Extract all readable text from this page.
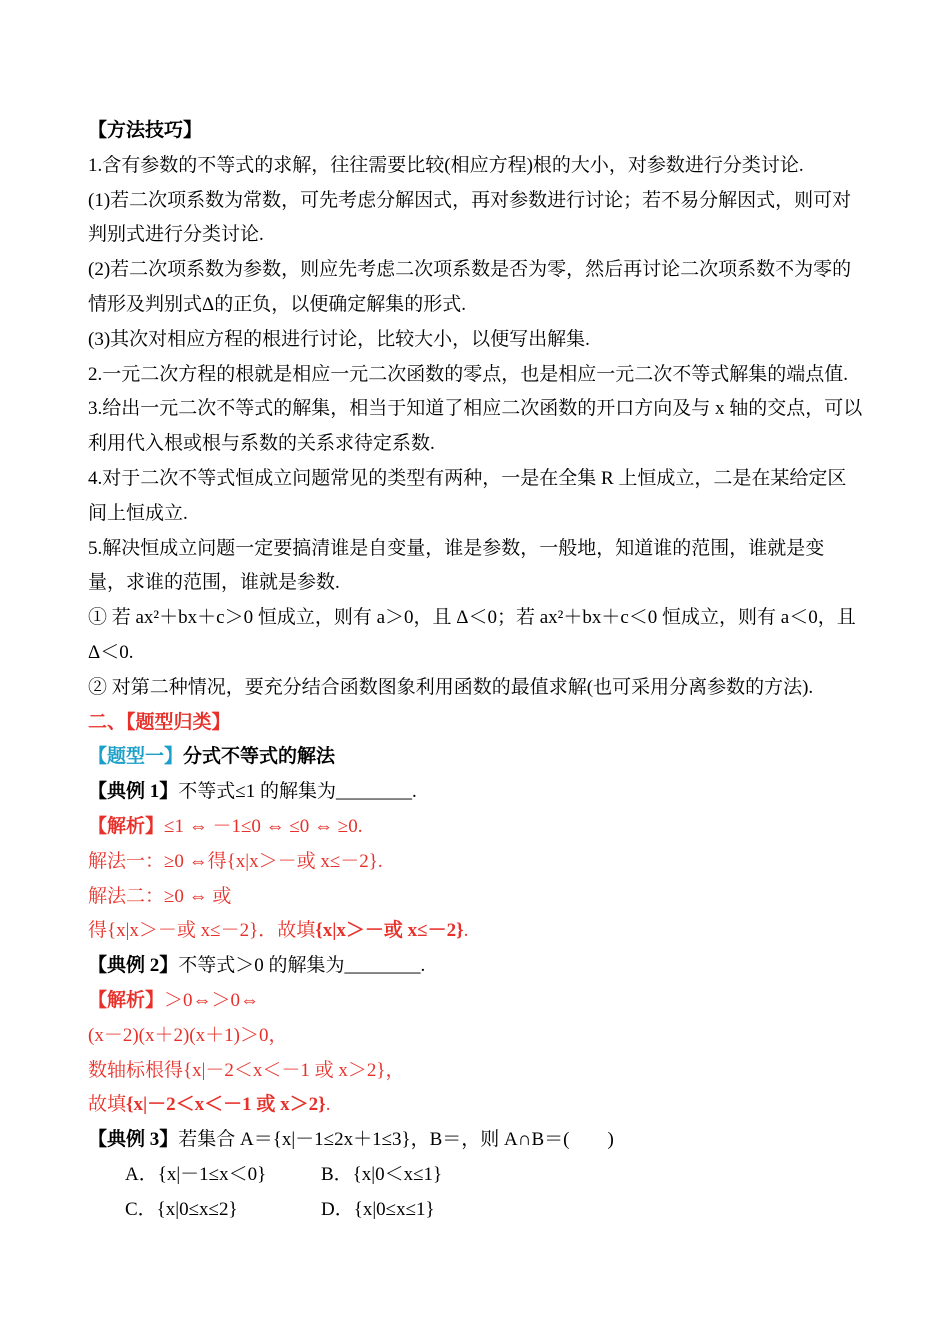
【方法技巧】
1.含有参数的不等式的求解，往往需要比较(相应方程)根的大小，对参数进行分类讨论.
(1)若二次项系数为常数，可先考虑分解因式，再对参数进行讨论；若不易分解因式，则可对
判别式进行分类讨论.
(2)若二次项系数为参数，则应先考虑二次项系数是否为零，然后再讨论二次项系数不为零的
情形及判别式Δ的正负，以便确定解集的形式.
(3)其次对相应方程的根进行讨论，比较大小，以便写出解集.
2.一元二次方程的根就是相应一元二次函数的零点，也是相应一元二次不等式解集的端点值.
3.给出一元二次不等式的解集，相当于知道了相应二次函数的开口方向及与 x 轴的交点，可以
利用代入根或根与系数的关系求待定系数.
4.对于二次不等式恒成立问题常见的类型有两种，一是在全集 R 上恒成立，二是在某给定区
间上恒成立.
5.解决恒成立问题一定要搞清谁是自变量，谁是参数，一般地，知道谁的范围，谁就是变
量，求谁的范围，谁就是参数.
① 若 ax²＋bx＋c＞0 恒成立，则有 a＞0，且 Δ＜0；若 ax²＋bx＋c＜0 恒成立，则有 a＜0，且
Δ＜0.
② 对第二种情况，要充分结合函数图象利用函数的最值求解(也可采用分离参数的方法).
二、【题型归类】
【题型一】分式不等式的解法
【典例 1】不等式≤1 的解集为________.
【解析】≤1 ⇔ －1≤0 ⇔ ≤0 ⇔ ≥0.
解法一：≥0 ⇔得{x|x＞－或 x≤－2}.
解法二：≥0 ⇔ 或
得{x|x＞－或 x≤－2}．故填{x|x＞－或 x≤－2}.
【典例 2】不等式＞0 的解集为________.
【解析】＞0⇔＞0⇔
(x－2)(x＋2)(x＋1)＞0，
数轴标根得{x|－2＜x＜－1 或 x＞2}，
故填{x|－2＜x＜－1 或 x＞2}.
【典例 3】若集合 A＝{x|－1≤2x＋1≤3}，B＝，则 A∩B＝(　　)
A．{x|－1≤x＜0}	B．{x|0＜x≤1}
C．{x|0≤x≤2}	D．{x|0≤x≤1}
